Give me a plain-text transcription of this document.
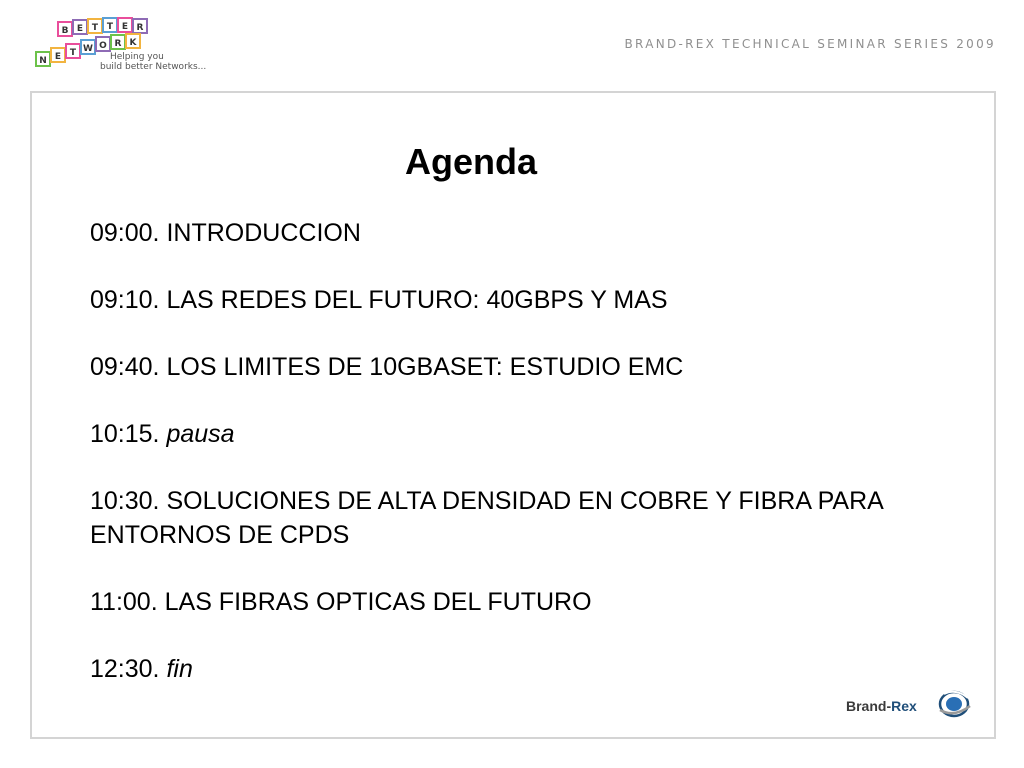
B E T T E R
N E T W O R K
Helping you
build better Networks...
BRAND-REX TECHNICAL SEMINAR SERIES 2009
Agenda
09:00. INTRODUCCION
09:10. LAS REDES DEL FUTURO: 40GBPS Y MAS
09:40. LOS LIMITES DE 10GBASET: ESTUDIO EMC
10:15. pausa
10:30. SOLUCIONES DE ALTA DENSIDAD EN COBRE Y FIBRA PARA ENTORNOS DE CPDS
11:00. LAS FIBRAS OPTICAS DEL FUTURO
12:30. fin
Brand-Rex
